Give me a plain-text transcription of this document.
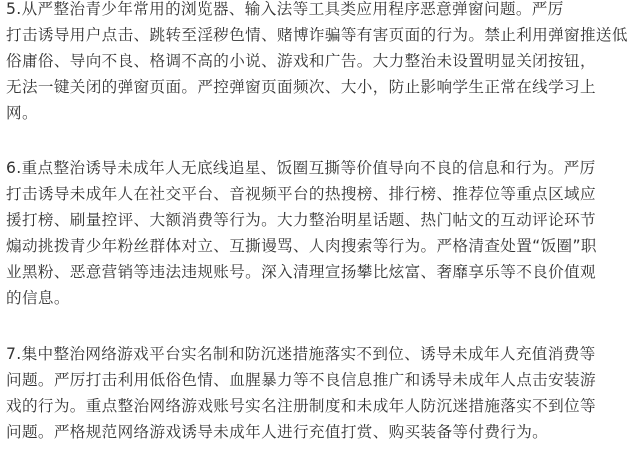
5.从严整治青少年常用的浏览器、输入法等工具类应用程序恶意弹窗问题。严厉
打击诱导用户点击、跳转至淫秽色情、赌博诈骗等有害页面的行为。禁止利用弹窗推送低
俗庸俗、导向不良、格调不高的小说、游戏和广告。大力整治未设置明显关闭按钮，
无法一键关闭的弹窗页面。严控弹窗页面频次、大小，防止影响学生正常在线学习上
网。

6.重点整治诱导未成年人无底线追星、饭圈互撕等价值导向不良的信息和行为。严厉
打击诱导未成年人在社交平台、音视频平台的热搜榜、排行榜、推荐位等重点区域应
援打榜、刷量控评、大额消费等行为。大力整治明星话题、热门帖文的互动评论环节
煽动挑拨青少年粉丝群体对立、互撕谩骂、人肉搜索等行为。严格清查处置“饭圈”职
业黑粉、恶意营销等违法违规账号。深入清理宣扬攀比炫富、奢靡享乐等不良价值观
的信息。

7.集中整治网络游戏平台实名制和防沉迷措施落实不到位、诱导未成年人充值消费等
问题。严厉打击利用低俗色情、血腥暴力等不良信息推广和诱导未成年人点击安装游
戏的行为。重点整治网络游戏账号实名注册制度和未成年人防沉迷措施落实不到位等
问题。严格规范网络游戏诱导未成年人进行充值打赏、购买装备等付费行为。
